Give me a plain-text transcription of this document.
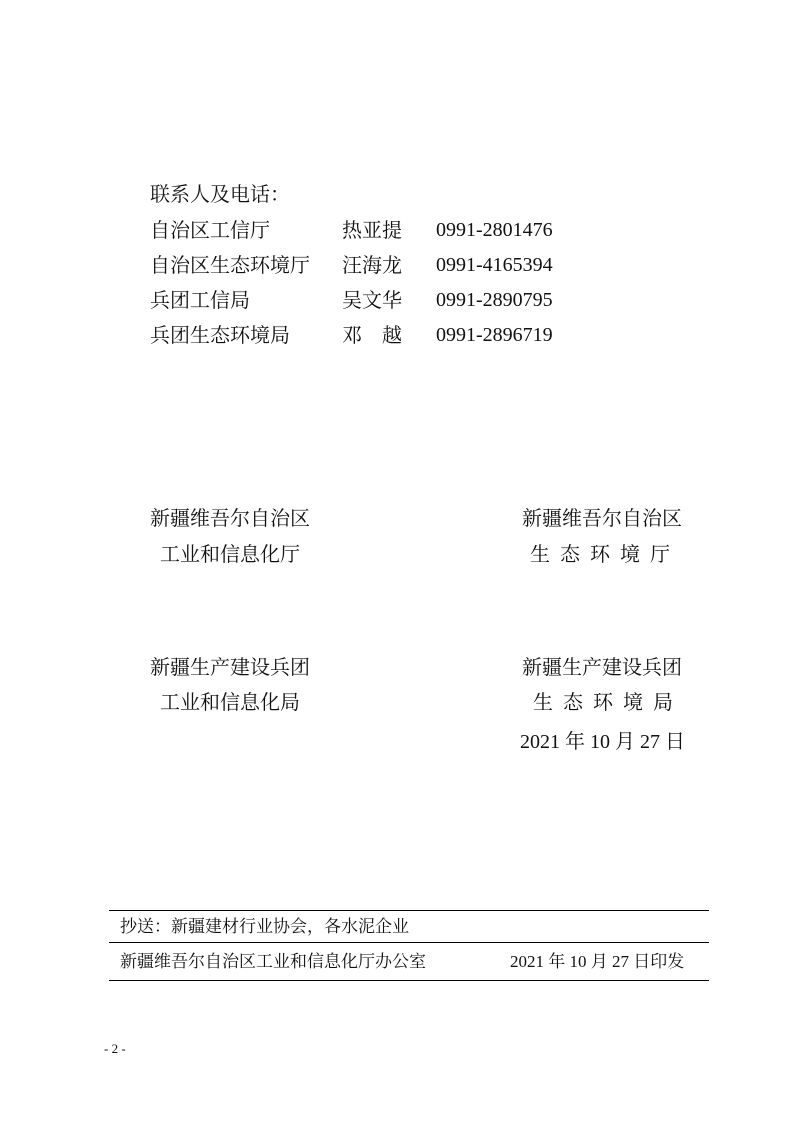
联系人及电话：
自治区工信厅	热亚提 0991-2801476
自治区生态环境厅 汪海龙 0991-4165394
兵团工信局	吴文华 0991-2890795
兵团生态环境局	邓　越 0991-2896719
新疆维吾尔自治区
工业和信息化厅
新疆维吾尔自治区
生态环境厅
新疆生产建设兵团
工业和信息化局
新疆生产建设兵团
生态环境局
2021 年 10 月 27 日
抄送：新疆建材行业协会，各水泥企业
新疆维吾尔自治区工业和信息化厅办公室	2021 年 10 月 27 日印发
- 2 -
